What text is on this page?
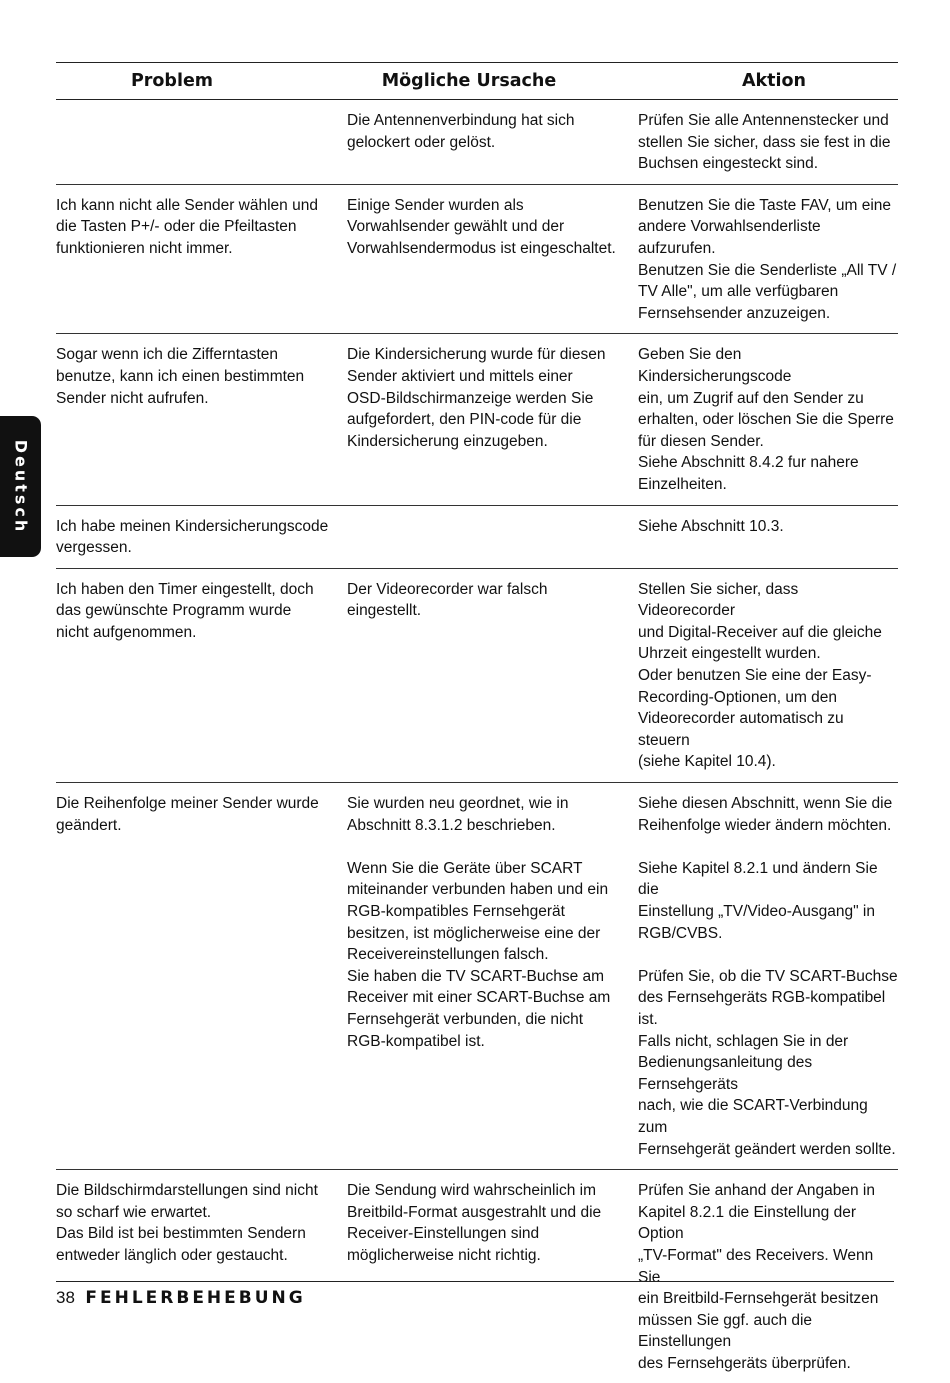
Deutsch
Problem	Mögliche Ursache	Aktion
Die Antennenverbindung hat sich
gelockert oder gelöst.
Prüfen Sie alle Antennenstecker und
stellen Sie sicher, dass sie fest in die
Buchsen eingesteckt sind.
Ich kann nicht alle Sender wählen und
die Tasten P+/- oder die Pfeiltasten
funktionieren nicht immer.
Einige Sender wurden als
Vorwahlsender gewählt und der
Vorwahlsendermodus ist eingeschaltet.
Benutzen Sie die Taste FAV, um eine
andere Vorwahlsenderliste aufzurufen.
Benutzen Sie die Senderliste „All TV /
TV Alle", um alle verfügbaren
Fernsehsender anzuzeigen.
Sogar wenn ich die Zifferntasten
benutze, kann ich einen bestimmten
Sender nicht aufrufen.
Die Kindersicherung wurde für diesen
Sender aktiviert und mittels einer
OSD-Bildschirmanzeige werden Sie
aufgefordert, den PIN-code für die
Kindersicherung einzugeben.
Geben Sie den Kindersicherungscode
ein, um Zugrif auf den Sender zu
erhalten, oder löschen Sie die Sperre
für diesen Sender.
Siehe Abschnitt 8.4.2 fur nahere
Einzelheiten.
Ich habe meinen Kindersicherungscode
vergessen.
Siehe Abschnitt 10.3.
Ich haben den Timer eingestellt, doch
das gewünschte Programm wurde
nicht aufgenommen.
Der Videorecorder war falsch
eingestellt.
Stellen Sie sicher, dass Videorecorder
und Digital-Receiver auf die gleiche
Uhrzeit eingestellt wurden.
Oder benutzen Sie eine der Easy-
Recording-Optionen, um den
Videorecorder automatisch zu steuern
(siehe Kapitel 10.4).
Die Reihenfolge meiner Sender wurde
geändert.
Sie wurden neu geordnet, wie in
Abschnitt 8.3.1.2 beschrieben.

Wenn Sie die Geräte über SCART
miteinander verbunden haben und ein
RGB-kompatibles Fernsehgerät
besitzen, ist möglicherweise eine der
Receivereinstellungen falsch.
Sie haben die TV SCART-Buchse am
Receiver mit einer SCART-Buchse am
Fernsehgerät verbunden, die nicht
RGB-kompatibel ist.
Siehe diesen Abschnitt, wenn Sie die
Reihenfolge wieder ändern möchten.

Siehe Kapitel 8.2.1 und ändern Sie die
Einstellung „TV/Video-Ausgang" in
RGB/CVBS.

Prüfen Sie, ob die TV SCART-Buchse
des Fernsehgeräts RGB-kompatibel ist.
Falls nicht, schlagen Sie in der
Bedienungsanleitung des Fernsehgeräts
nach, wie die SCART-Verbindung zum
Fernsehgerät geändert werden sollte.
Die Bildschirmdarstellungen sind nicht
so scharf wie erwartet.
Das Bild ist bei bestimmten Sendern
entweder länglich oder gestaucht.
Die Sendung wird wahrscheinlich im
Breitbild-Format ausgestrahlt und die
Receiver-Einstellungen sind
möglicherweise nicht richtig.
Prüfen Sie anhand der Angaben in
Kapitel 8.2.1 die Einstellung der Option
„TV-Format" des Receivers. Wenn Sie
ein Breitbild-Fernsehgerät besitzen
müssen Sie ggf. auch die Einstellungen
des Fernsehgeräts überprüfen.
38 FEHLERBEHEBUNG
